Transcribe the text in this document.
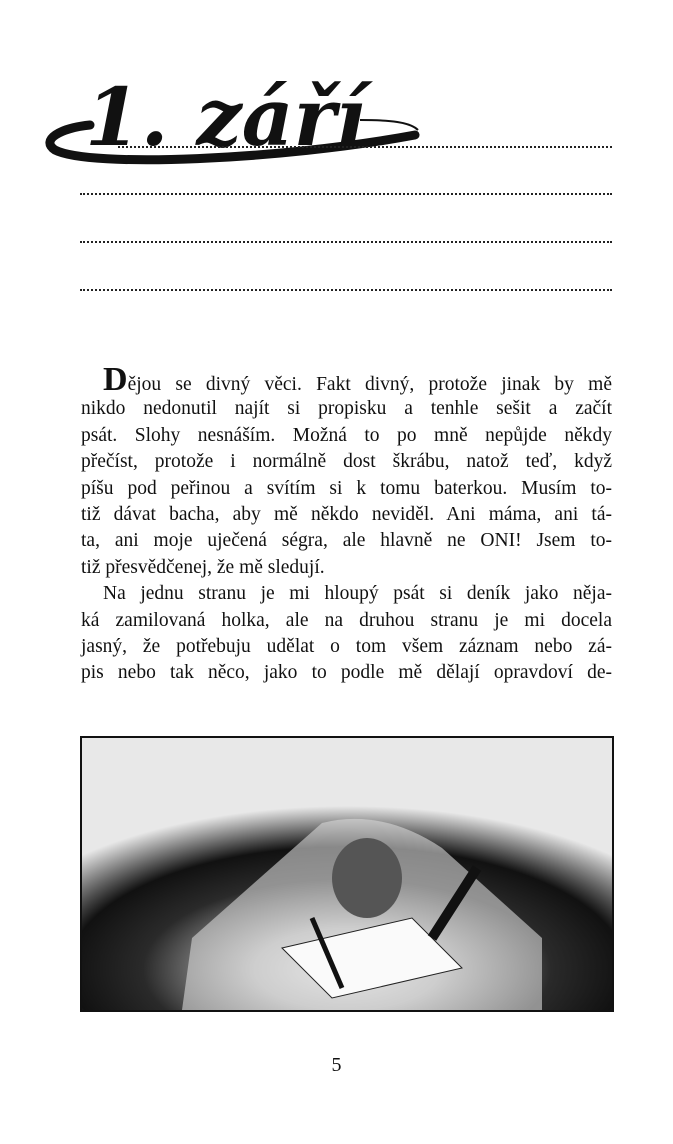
1. září
Dějou se divný věci. Fakt divný, protože jinak by mě
nikdo nedonutil najít si propisku a tenhle sešit a začít
psát. Slohy nesnáším. Možná to po mně nepůjde někdy
přečíst, protože i normálně dost škrábu, natož teď, když
píšu pod peřinou a svítím si k tomu baterkou. Musím to-
tiž dávat bacha, aby mě někdo neviděl. Ani máma, ani tá-
ta, ani moje uječená ségra, ale hlavně ne ONI! Jsem to-
tiž přesvědčenej, že mě sledují.
Na jednu stranu je mi hloupý psát si deník jako něja-
ká zamilovaná holka, ale na druhou stranu je mi docela
jasný, že potřebuju udělat o tom všem záznam nebo zá-
pis nebo tak něco, jako to podle mě dělají opravdoví de-
5
